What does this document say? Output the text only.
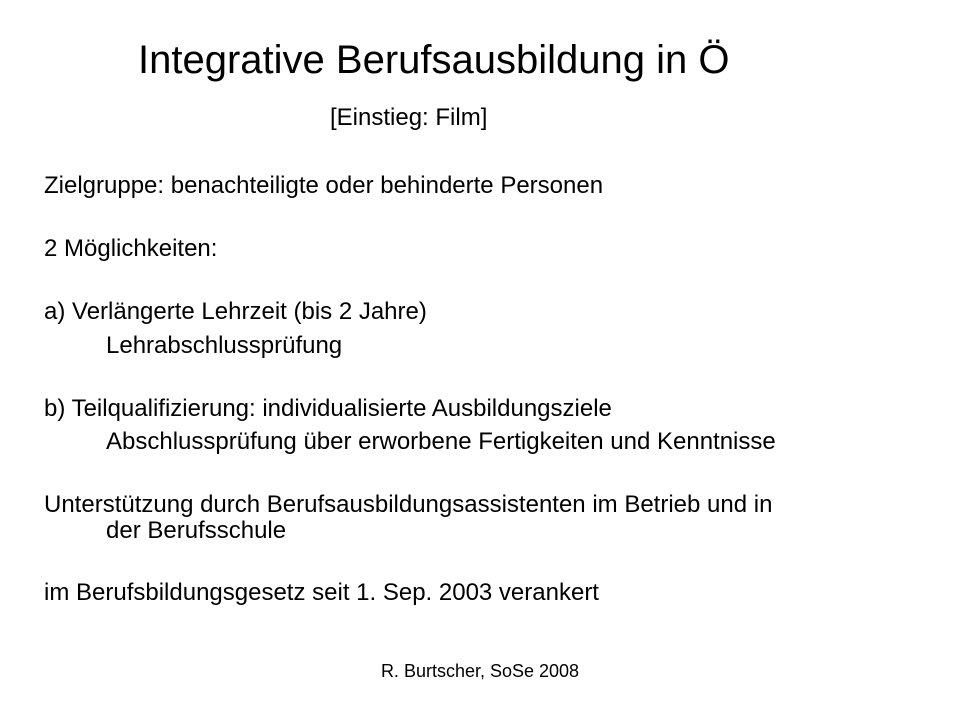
Integrative Berufsausbildung in Ö
[Einstieg: Film]
Zielgruppe: benachteiligte oder behinderte Personen
2 Möglichkeiten:
a) Verlängerte Lehrzeit (bis 2 Jahre)
Lehrabschlussprüfung
b) Teilqualifizierung: individualisierte Ausbildungsziele
Abschlussprüfung über erworbene Fertigkeiten und Kenntnisse
Unterstützung durch Berufsausbildungsassistenten im Betrieb und in
der Berufsschule
im Berufsbildungsgesetz seit 1. Sep. 2003 verankert
R. Burtscher, SoSe 2008
